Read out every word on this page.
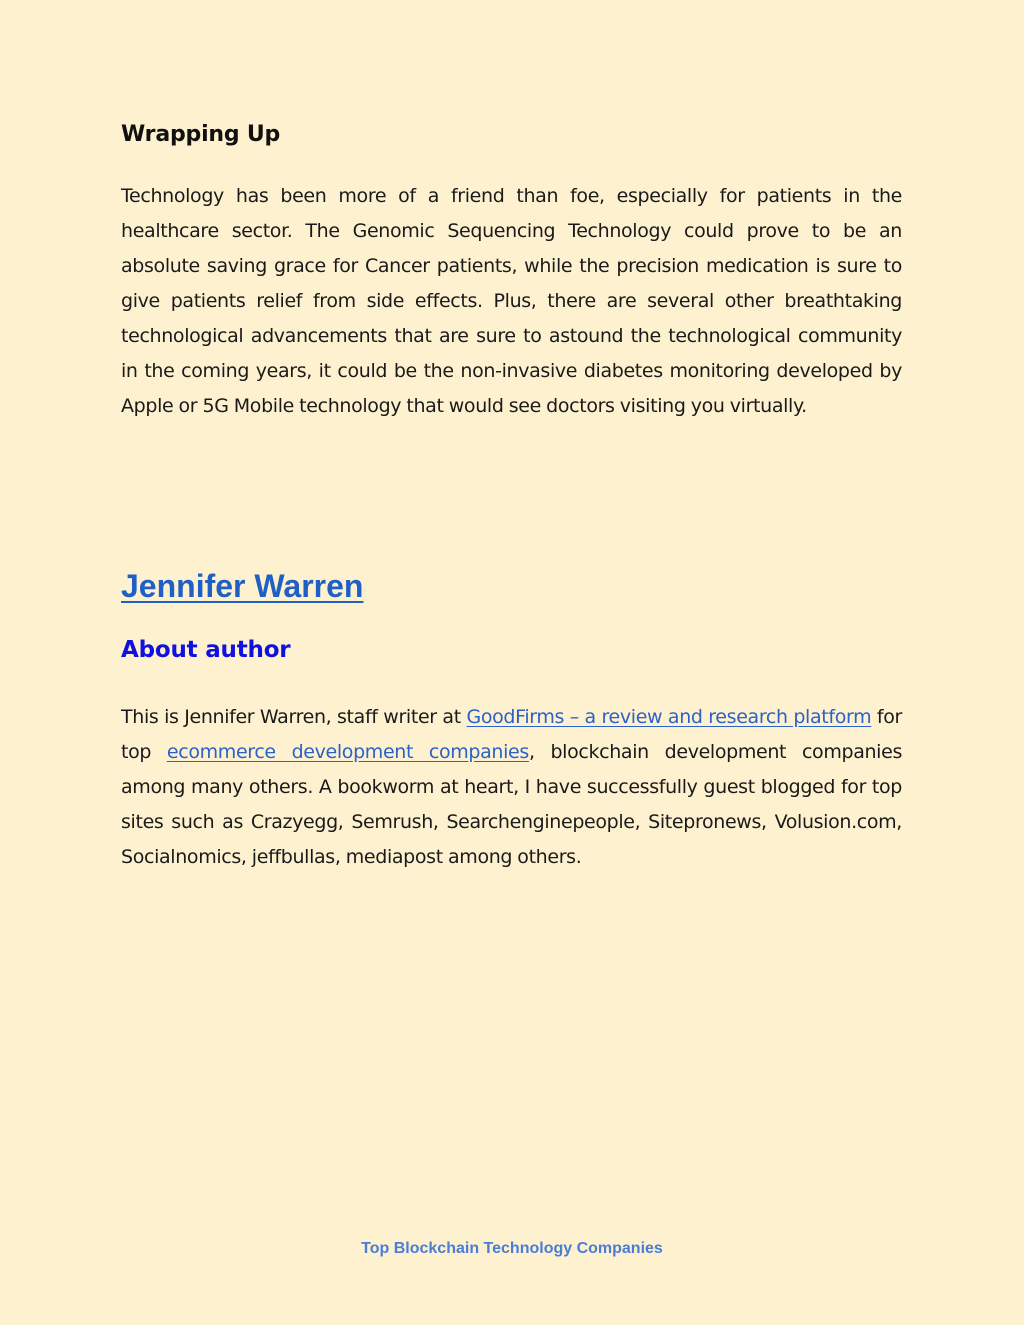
Wrapping Up

Technology has been more of a friend than foe, especially for patients in the healthcare sector. The Genomic Sequencing Technology could prove to be an absolute saving grace for Cancer patients, while the precision medication is sure to give patients relief from side effects. Plus, there are several other breathtaking technological advancements that are sure to astound the technological community in the coming years, it could be the non-invasive diabetes monitoring developed by Apple or 5G Mobile technology that would see doctors visiting you virtually.

Jennifer Warren
About author

This is Jennifer Warren, staff writer at GoodFirms – a review and research platform for top ecommerce development companies, blockchain development companies among many others. A bookworm at heart, I have successfully guest blogged for top sites such as Crazyegg, Semrush, Searchenginepeople, Sitepronews, Volusion.com, Socialnomics, jeffbullas, mediapost among others.

Top Blockchain Technology Companies
